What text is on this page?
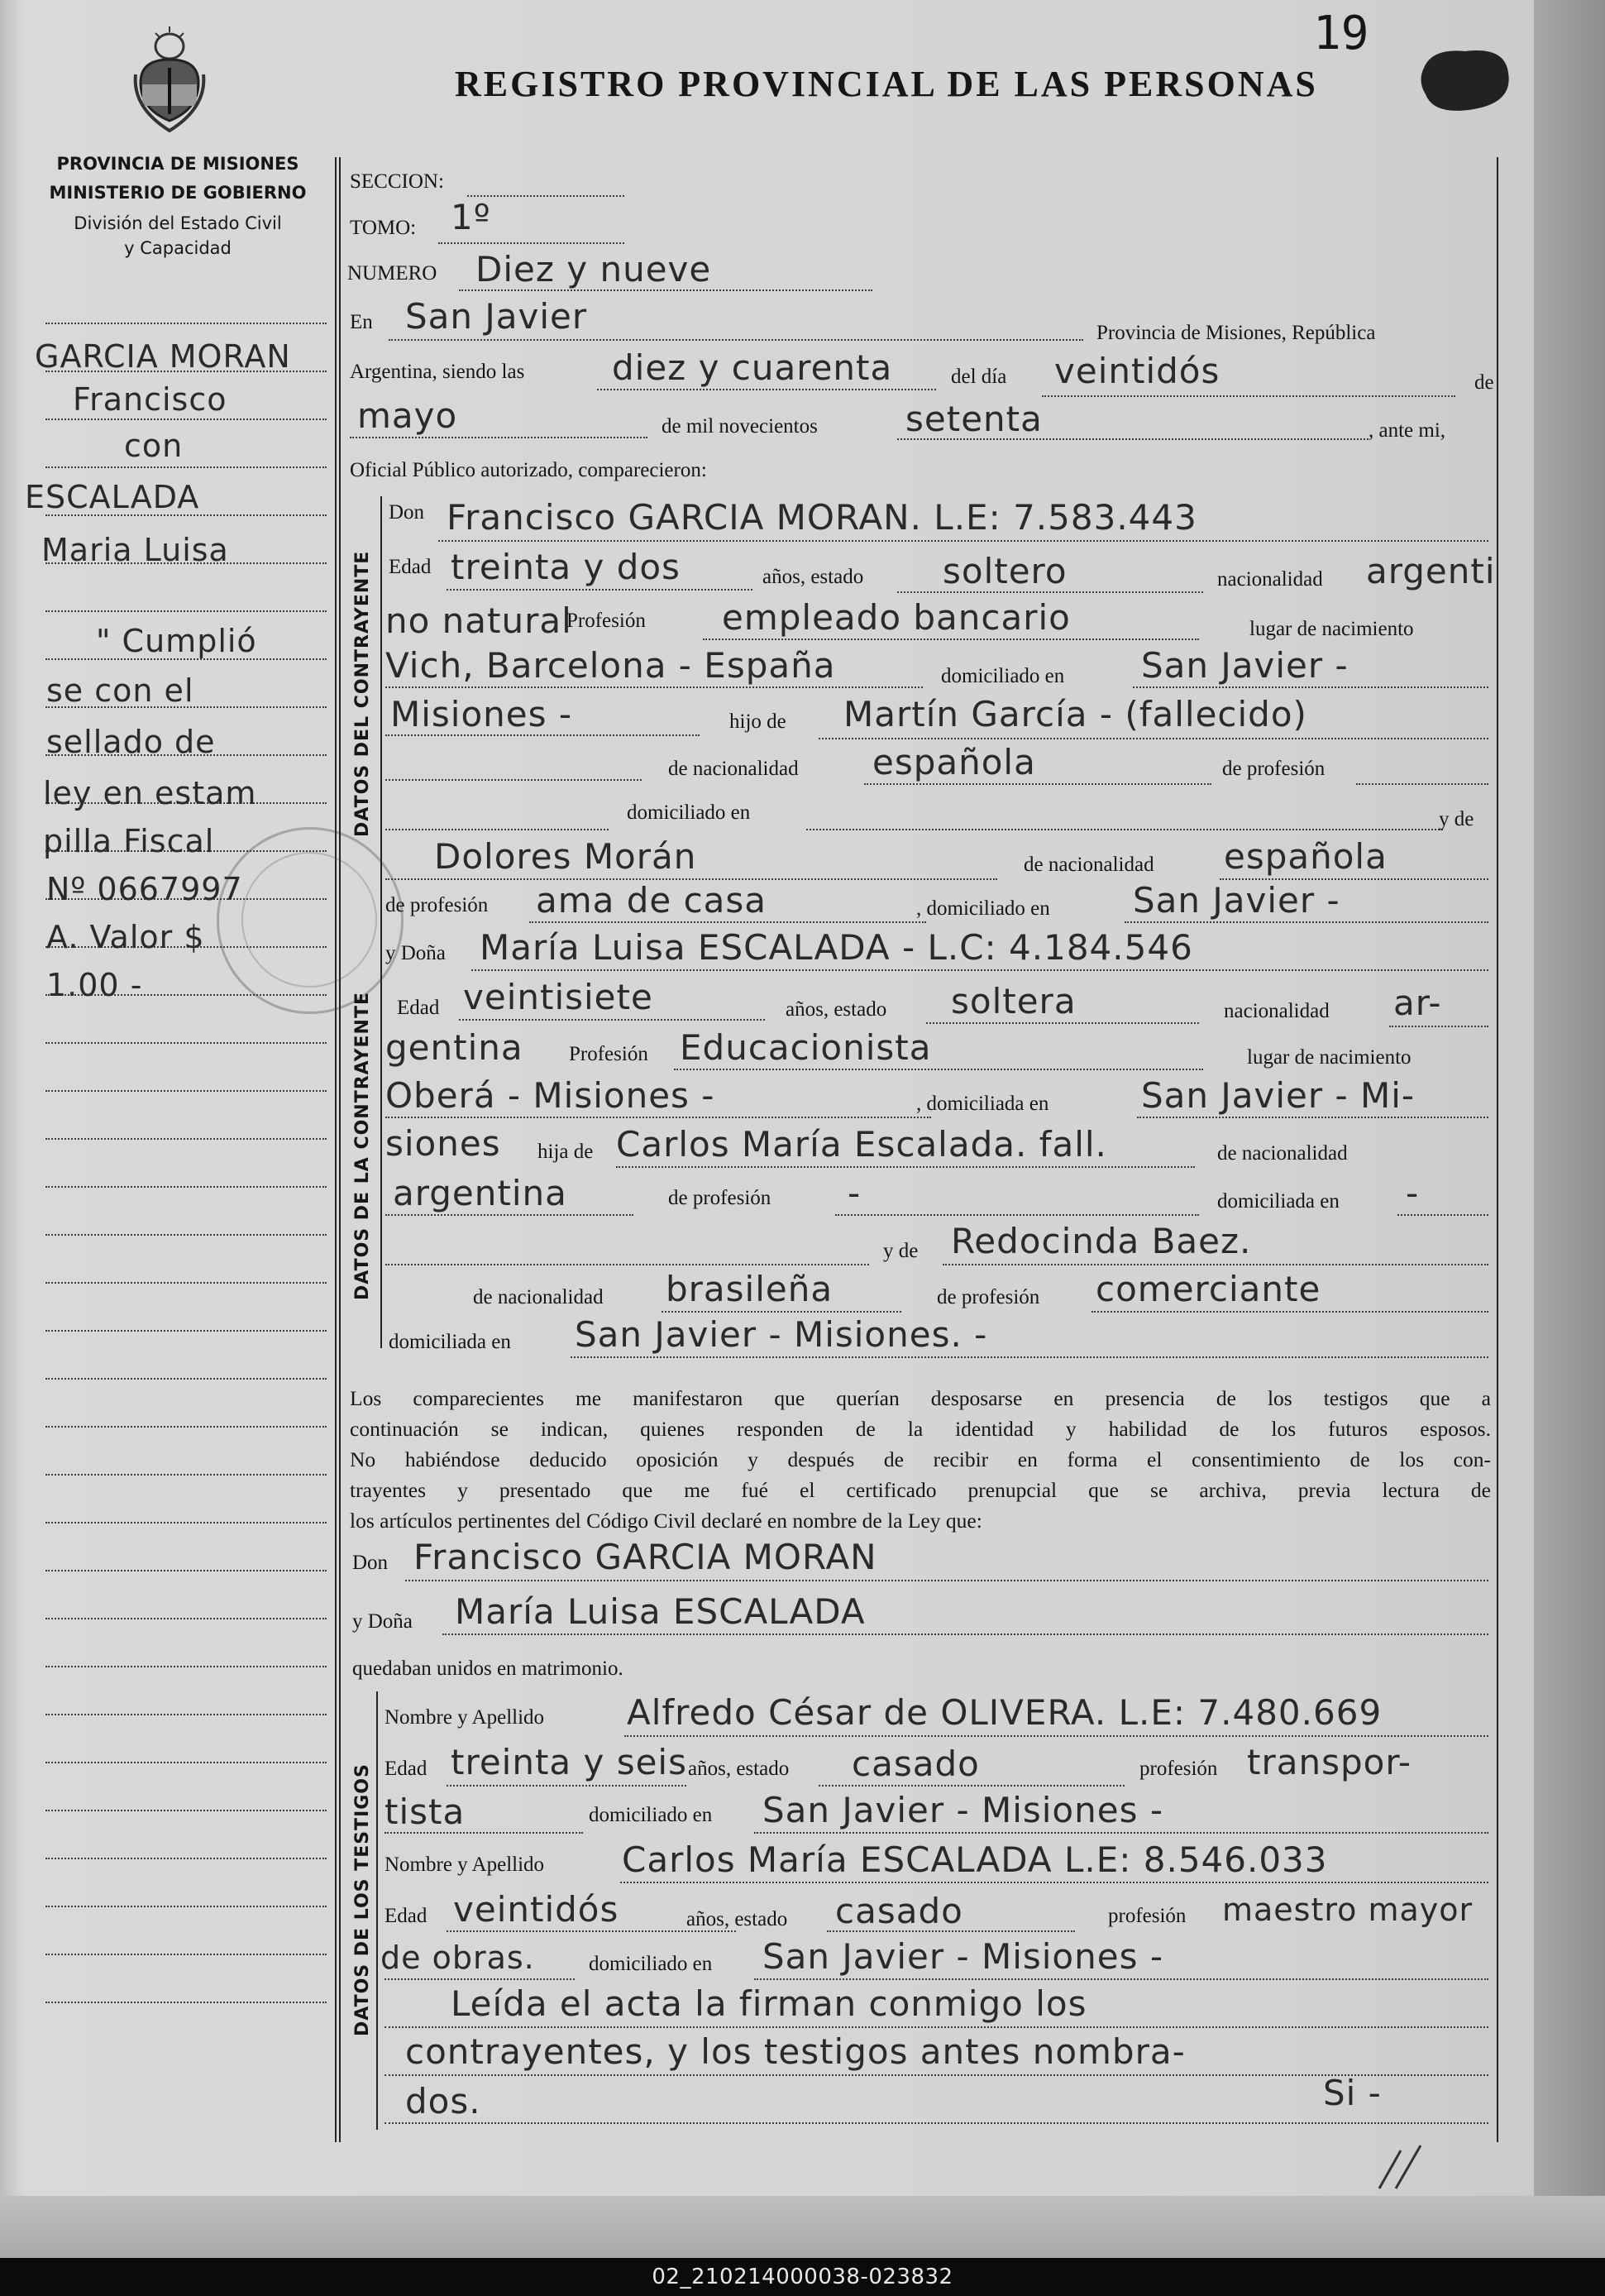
19
REGISTRO PROVINCIAL DE LAS PERSONAS
PROVINCIA DE MISIONES
MINISTERIO DE GOBIERNO
División del Estado Civil
y Capacidad
GARCIA MORAN
Francisco
con
ESCALADA
Maria Luisa
" Cumplió
se con el
sellado de
ley en estam
pilla Fiscal
Nº 0667997
A. Valor $
1.00 -
SECCION:
TOMO: 1º
NUMERO Diez y nueve
En San Javier	Provincia de Misiones, República
Argentina, siendo las	diez y cuarenta	del día veintidós	de
mayo	de mil novecientos	setenta	, ante mi,
Oficial Público autorizado, comparecieron:
DATOS DEL CONTRAYENTE
DATOS DE LA CONTRAYENTE
Don Francisco GARCIA MORAN. L.E: 7.583.443
Edad treinta y dos	años, estado soltero	nacionalidad argenti
no natural
Profesión empleado bancario	lugar de nacimiento
Vich, Barcelona - España	domiciliado en San Javier -
Misiones -	hijo de Martín García - (fallecido)
de nacionalidad española	de profesión
domiciliado en	y de
Dolores Morán	de nacionalidad española
de profesión ama de casa	, domiciliado en San Javier -
y Doña María Luisa ESCALADA - L.C: 4.184.546
Edad veintisiete	años, estado soltera	nacionalidad ar-
gentina Profesión Educacionista	lugar de nacimiento
Oberá - Misiones -	, domiciliada en	San Javier - Mi-
siones hija de Carlos María Escalada. fall.	de nacionalidad
argentina	de profesión -	domiciliada en -
y de Redocinda Baez.
de nacionalidad brasileña	de profesión comerciante
domiciliada en San Javier - Misiones. -
Los comparecientes me manifestaron que querían desposarse en presencia de los testigos que a
continuación se indican, quienes responden de la identidad y habilidad de los futuros esposos.
No habiéndose deducido oposición y después de recibir en forma el consentimiento de los con-
trayentes y presentado que me fué el certificado prenupcial que se archiva, previa lectura de
los artículos pertinentes del Código Civil declaré en nombre de la Ley que:
Don Francisco GARCIA MORAN
y Doña María Luisa ESCALADA
quedaban unidos en matrimonio.
DATOS DE LOS TESTIGOS
Nombre y Apellido Alfredo César de OLIVERA. L.E: 7.480.669
Edad treinta y seis años, estado casado	profesión transpor-
tista	domiciliado en San Javier - Misiones -
Nombre y Apellido Carlos María ESCALADA L.E: 8.546.033
Edad veintidós	años, estado casado	profesión maestro mayor
de obras.	domiciliado en San Javier - Misiones -
Leída el acta la firman conmigo los
contrayentes, y los testigos antes nombra-
dos.	Si -
02_210214000038-023832
